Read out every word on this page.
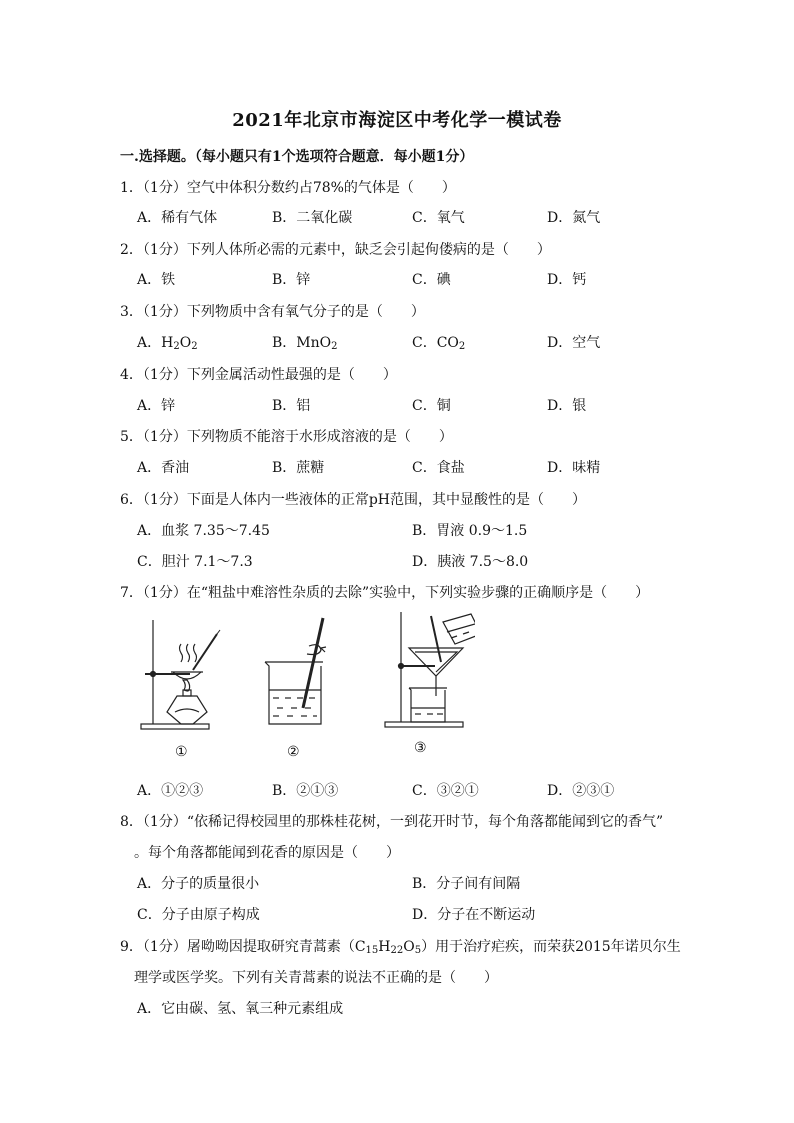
2021年北京市海淀区中考化学一模试卷
一.选择题。（每小题只有1个选项符合题意．每小题1分）
1．（1分）空气中体积分数约占78%的气体是（　　）
A．稀有气体	B．二氧化碳	C．氧气	D．氮气
2．（1分）下列人体所必需的元素中，缺乏会引起佝偻病的是（　　）
A．铁	B．锌	C．碘	D．钙
3．（1分）下列物质中含有氧气分子的是（　　）
A．$H_2O_2$	B．MnO$_2$	C．$CO_2$	D．空气
4．（1分）下列金属活动性最强的是（　　）
A．锌	B．铝	C．铜	D．银
5．（1分）下列物质不能溶于水形成溶液的是（　　）
A．香油	B．蔗糖	C．食盐	D．味精
6．（1分）下面是人体内一些液体的正常pH范围，其中显酸性的是（　　）
A．血浆 7.35～7.45	B．胃液 0.9～1.5
C．胆汁 7.1～7.3	D．胰液 7.5～8.0
7．（1分）在“粗盐中难溶性杂质的去除”实验中，下列实验步骤的正确顺序是（　　）
①	②	③
A．①②③	B．②①③	C．③②①	D．②③①
8．（1分）“依稀记得校园里的那株桂花树，一到花开时节，每个角落都能闻到它的香气”
。每个角落都能闻到花香的原因是（　　）
A．分子的质量很小	B．分子间有间隔
C．分子由原子构成	D．分子在不断运动
9．（1分）屠呦呦因提取研究青蒿素$(C_{15}H_{22}O_5)$用于治疗疟疾，而荣获2015年诺贝尔生
理学或医学奖。下列有关青蒿素的说法不正确的是（　　）
A．它由碳、氢、氧三种元素组成
